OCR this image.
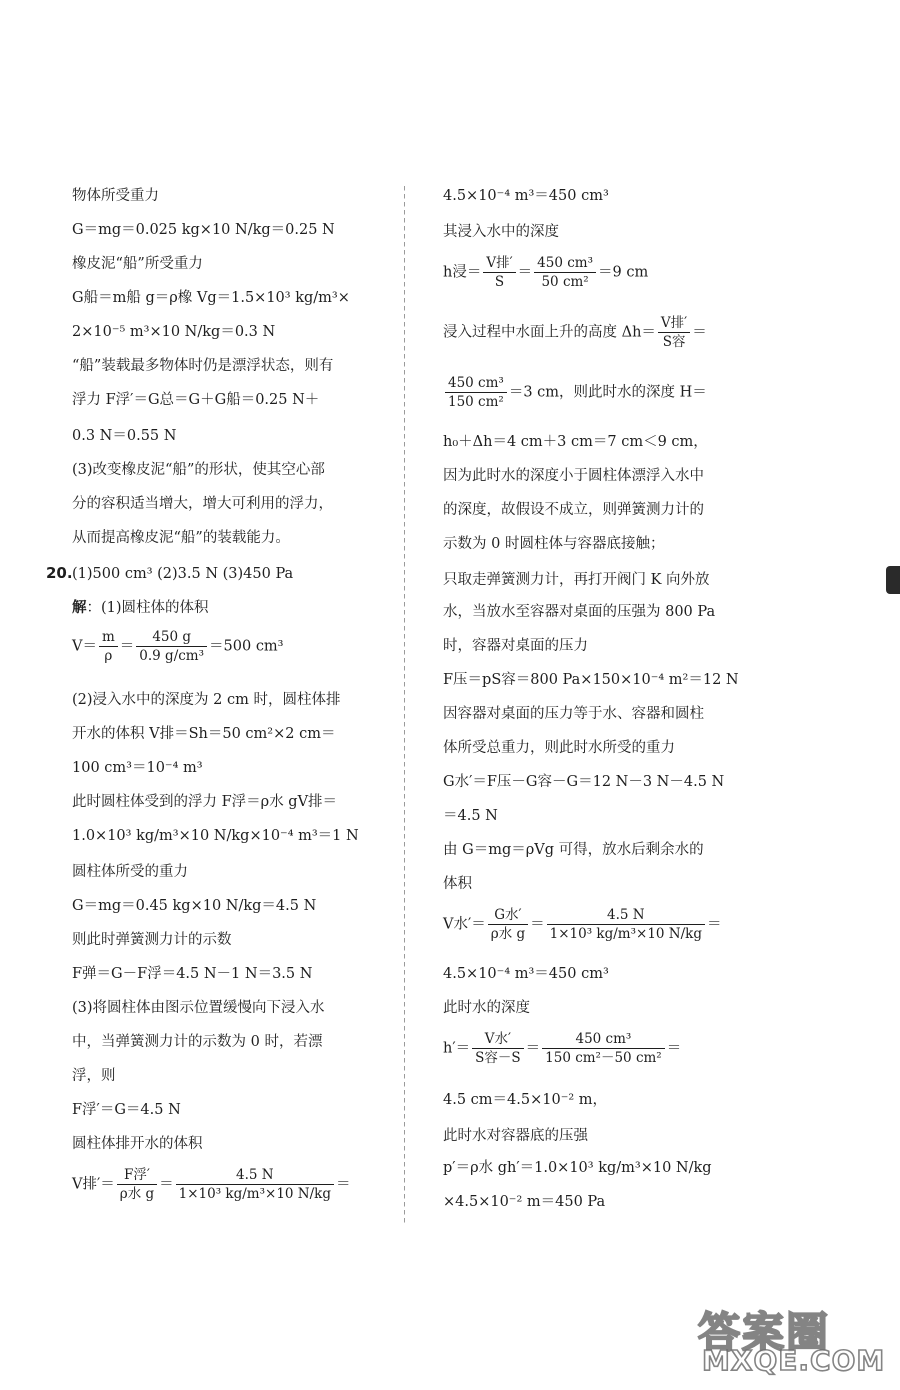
物体所受重力
G＝mg＝0.025 kg×10 N/kg＝0.25 N
橡皮泥“船”所受重力
G船＝m船 g＝ρ橡 Vg＝1.5×10³ kg/m³×
2×10⁻⁵ m³×10 N/kg＝0.3 N
“船”装载最多物体时仍是漂浮状态，则有
浮力 F浮′＝G总＝G＋G船＝0.25 N＋
0.3 N＝0.55 N
(3)改变橡皮泥“船”的形状，使其空心部
分的容积适当增大，增大可利用的浮力，
从而提高橡皮泥“船”的装载能力。
20. (1)500 cm³ (2)3.5 N (3)450 Pa
解：(1)圆柱体的体积
$V= \frac{m}{\rho} = \frac{450 g}{\text{0.9 g/cm³}} =500$ cm³
(2)浸入水中的深度为 2 cm 时，圆柱体排
开水的体积 V排＝Sh＝50 cm²×2 cm＝
100 cm³＝10⁻⁴ m³
此时圆柱体受到的浮力 F浮＝ρ水 gV排＝
1.0×10³ kg/m³×10 N/kg×10⁻⁴ m³＝1 N
圆柱体所受的重力
G＝mg＝0.45 kg×10 N/kg＝4.5 N
则此时弹簧测力计的示数
F弹＝G－F浮＝4.5 N－1 N＝3.5 N
(3)将圆柱体由图示位置缓慢向下浸入水
中，当弹簧测力计的示数为 0 时，若漂
浮，则
F浮′＝G＝4.5 N
圆柱体排开水的体积
V排′＝ $\frac{\text{F浮′}}{\text{ρ水 g}} = \frac{4.5 N}{\text{1×10³ kg/m³×10 N/kg}}$ ＝
4.5×10⁻⁴ m³＝450 cm³
其浸入水中的深度
h浸＝ $\frac{\text{V排′}}{S} = \frac{\text{450 cm³}}{\text{50 cm²}} =9$ cm
浸入过程中水面上升的高度 $\Delta h= \frac{\text{V排′}}{\text{S容}}$ ＝
$\frac{\text{450 cm³}}{\text{150 cm²}} =3$ cm，则此时水的深度 H＝
h₀＋Δh＝4 cm＋3 cm＝7 cm＜9 cm，
因为此时水的深度小于圆柱体漂浮入水中
的深度，故假设不成立，则弹簧测力计的
示数为 0 时圆柱体与容器底接触；
只取走弹簧测力计，再打开阀门 K 向外放
水，当放水至容器对桌面的压强为 800 Pa
时，容器对桌面的压力
F压＝pS容＝800 Pa×150×10⁻⁴ m²＝12 N
因容器对桌面的压力等于水、容器和圆柱
体所受总重力，则此时水所受的重力
G水′＝F压－G容－G＝12 N－3 N－4.5 N
＝4.5 N
由 G＝mg＝ρVg 可得，放水后剩余水的
体积
V水′＝ $\frac{\text{G水′}}{\text{ρ水 g}} = \frac{4.5 N}{\text{1×10³ kg/m³×10 N/kg}}$ ＝
4.5×10⁻⁴ m³＝450 cm³
此时水的深度
$h'= \frac{\text{V水′}}{\text{S容－S}} = \frac{\text{450 cm³}}{\text{150 cm²－50 cm²}}$ ＝
4.5 cm＝4.5×10⁻² m，
此时水对容器底的压强
p′＝ρ水 gh′＝1.0×10³ kg/m³×10 N/kg
×4.5×10⁻² m＝450 Pa
答案圈
MXQE.COM
